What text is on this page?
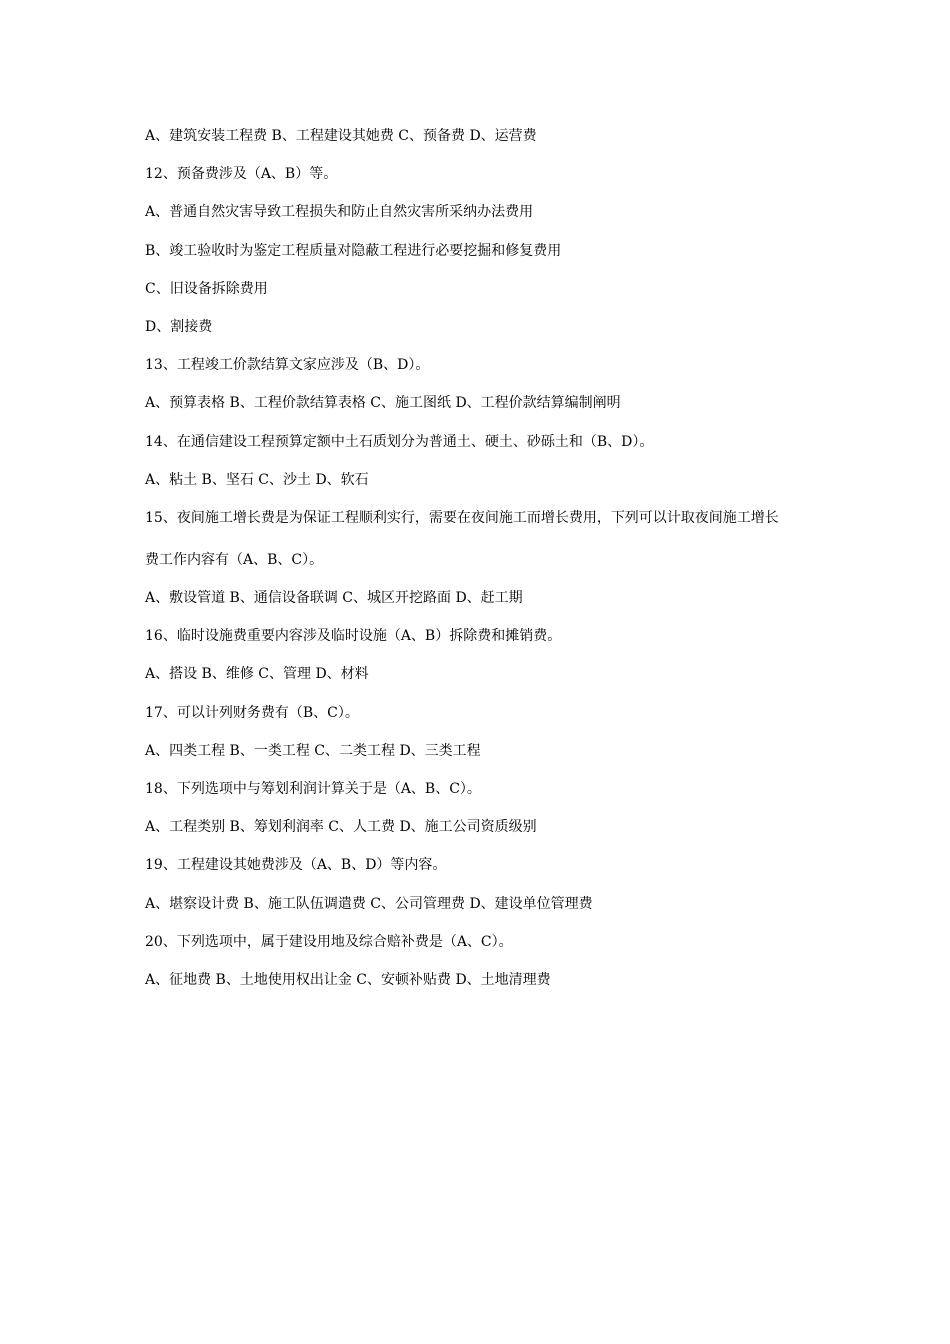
A、建筑安装工程费 B、工程建设其她费 C、预备费 D、运营费
12、预备费涉及（A、B）等。
A、普通自然灾害导致工程损失和防止自然灾害所采纳办法费用
B、竣工验收时为鉴定工程质量对隐蔽工程进行必要挖掘和修复费用
C、旧设备拆除费用
D、割接费
13、工程竣工价款结算文家应涉及（B、D）。
A、预算表格 B、工程价款结算表格 C、施工图纸 D、工程价款结算编制阐明
14、在通信建设工程预算定额中土石质划分为普通土、硬土、砂砾土和（B、D）。
A、粘土 B、坚石 C、沙土 D、软石
15、夜间施工增长费是为保证工程顺利实行，需要在夜间施工而增长费用，下列可以计取夜间施工增长
费工作内容有（A、B、C）。
A、敷设管道 B、通信设备联调 C、城区开挖路面 D、赶工期
16、临时设施费重要内容涉及临时设施（A、B）拆除费和摊销费。
A、搭设 B、维修 C、管理 D、材料
17、可以计列财务费有（B、C）。
A、四类工程 B、一类工程 C、二类工程 D、三类工程
18、下列选项中与筹划利润计算关于是（A、B、C）。
A、工程类别 B、筹划利润率 C、人工费 D、施工公司资质级别
19、工程建设其她费涉及（A、B、D）等内容。
A、堪察设计费 B、施工队伍调遣费 C、公司管理费 D、建设单位管理费
20、下列选项中，属于建设用地及综合赔补费是（A、C）。
A、征地费 B、土地使用权出让金 C、安顿补贴费 D、土地清理费
